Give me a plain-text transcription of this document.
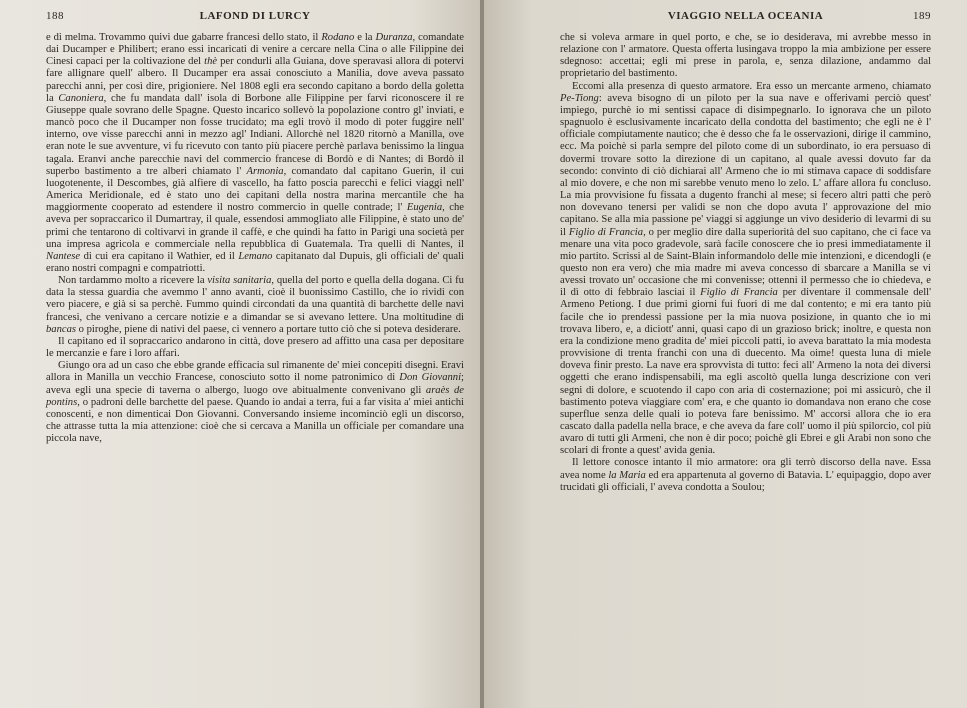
188	LAFOND DI LURCY

e di melma. Trovammo quivi due gabarre francesi dello stato, il Rodano e la Duranza, comandate dai Ducamper e Philibert; erano essi incaricati di venire a cercare nella Cina o alle Filippine dei Cinesi capaci per la coltivazione del thè per condurli alla Guiana, dove speravasi allora di potervi fare allignare quell' albero. Il Ducamper era assai conosciuto a Manilia, dove aveva passato parecchi anni, per così dire, prigioniere. Nel 1808 egli era secondo capitano a bordo della goletta la Canoniera, che fu mandata dall' isola di Borbone alle Filippine per farvi riconoscere il re Giuseppe quale sovrano delle Spagne. Questo incarico sollevò la popolazione contro gl' inviati, e mancò poco che il Ducamper non fosse trucidato; ma egli trovò il modo di poter fuggire nell' interno, ove visse parecchi anni in mezzo agl' Indiani. Allorchè nel 1820 ritornò a Manilla, ove eran note le sue avventure, vi fu ricevuto con tanto più piacere perchè parlava benissimo la lingua tagala. Eranvi anche parecchie navi del commercio francese di Bordò e di Nantes; di Bordò il superbo bastimento a tre alberi chiamato l' Armonia, comandato dal capitano Guerin, il cui luogotenente, il Descombes, già alfiere di vascello, ha fatto poscia parecchi e felici viaggi nell' America Meridionale, ed è stato uno dei capitani della nostra marina mercantile che ha maggiormente cooperato ad estendere il nostro commercio in quelle contrade; l' Eugenia, che aveva per sopraccarico il Dumartray, il quale, essendosi ammogliato alle Filippine, è stato uno de' primi che tentarono di coltivarvi in grande il caffè, e che quindi ha fatto in Parigi una società per una impresa agricola e commerciale nella repubblica di Guatemala. Tra quelli di Nantes, il Nantese di cui era capitano il Wathier, ed il Lemano capitanato dal Dupuis, gli officiali de' quali erano nostri compagni e compatriotti.

Non tardammo molto a ricevere la visita sanitaria, quella del porto e quella della dogana. Ci fu data la stessa guardia che avemmo l' anno avanti, cioè il buonissimo Castillo, che io rividi con vero piacere, e già si sa perchè. Fummo quindi circondati da una quantità di barchette delle navi francesi, che venivano a cercare notizie e a dimandar se si avevano lettere. Una moltitudine di bancas o piroghe, piene di nativi del paese, ci vennero a portare tutto ciò che si poteva desiderare.

Il capitano ed il sopraccarico andarono in città, dove presero ad affitto una casa per depositare le mercanzie e fare i loro affari.

Giungo ora ad un caso che ebbe grande efficacia sul rimanente de' miei concepiti disegni. Eravi allora in Manilla un vecchio Francese, conosciuto sotto il nome patronimico di Don Giovanni; aveva egli una specie di taverna o albergo, luogo ove abitualmente convenivano gli araès de pontins, o padroni delle barchette del paese. Quando io andai a terra, fui a far visita a' miei antichi conoscenti, e non dimenticai Don Giovanni. Conversando insieme incominciò egli un discorso, che attrasse tutta la mia attenzione: cioè che si cercava a Manilla un officiale per comandare una piccola nave,

VIAGGIO NELLA OCEANIA	189

che si voleva armare in quel porto, e che, se io desiderava, mi avrebbe messo in relazione con l' armatore. Questa offerta lusingava troppo la mia ambizione per essere sdegnoso: accettai; egli mi prese in parola, e, senza dilazione, andammo dal proprietario del bastimento.

Eccomi alla presenza di questo armatore. Era esso un mercante armeno, chiamato Pe-Tiong: aveva bisogno di un piloto per la sua nave e offerivami perciò quest' impiego, purchè io mi sentissi capace di disimpegnarlo. Io ignorava che un piloto spagnuolo è esclusivamente incaricato della condotta del bastimento; che egli ne è l' officiale compiutamente nautico; che è desso che fa le osservazioni, dirige il cammino, ecc. Ma poichè si parla sempre del piloto come di un subordinato, io era persuaso di dovermi trovare sotto la direzione di un capitano, al quale avessi dovuto far da secondo: convinto di ciò dichiarai all' Armeno che io mi stimava capace di soddisfare al mio dovere, e che non mi sarebbe venuto meno lo zelo. L' affare allora fu concluso. La mia provvisione fu fissata a dugento franchi al mese; si fecero altri patti che però non dovevano tenersi per validi se non che dopo avuta l' approvazione del mio capitano. Se alla mia passione pe' viaggi si aggiunge un vivo desiderio di levarmi di su il Figlio di Francia, o per meglio dire dalla superiorità del suo capitano, che ci face va menare una vita poco gradevole, sarà facile conoscere che io presi immediatamente il mio partito. Scrissi al de Saint-Blain informandolo delle mie intenzioni, e dicendogli (e questo non era vero) che mia madre mi aveva concesso di sbarcare a Manilla se vi avessi trovato un' occasione che mi convenisse; ottenni il permesso che io chiedeva, e il dì otto di febbraio lasciai il Figlio di Francia per diventare il commensale dell' Armeno Petiong. I due primi giorni fui fuori di me dal contento; e mi era tanto più facile che io prendessi passione per la mia nuova posizione, in quanto che io mi trovava libero, e, a diciott' anni, quasi capo di un grazioso brick; inoltre, e questa non era la condizione meno gradita de' miei piccoli patti, io aveva barattato la mia modesta provvisione di trenta franchi con una di duecento. Ma oime! questa luna di miele doveva finir presto. La nave era sprovvista di tutto: feci all' Armeno la nota dei diversi oggetti che erano indispensabili, ma egli ascoltò quella lunga descrizione con veri segni di dolore, e scuotendo il capo con aria di costernazione; poi mi assicurò, che il bastimento poteva viaggiare com' era, e che quanto io domandava non erano che cose superflue senza delle quali io poteva fare benissimo. M' accorsi allora che io era cascato dalla padella nella brace, e che aveva da fare coll' uomo il più spilorcio, col più avaro di tutti gli Armeni, che non è dir poco; poichè gli Ebrei e gli Arabi non sono che scolari di fronte a quest' avida genia.

Il lettore conosce intanto il mio armatore: ora gli terrò discorso della nave. Essa avea nome la Maria ed era appartenuta al governo di Batavia. L' equipaggio, dopo aver trucidati gli officiali, l' aveva condotta a Soulou;
